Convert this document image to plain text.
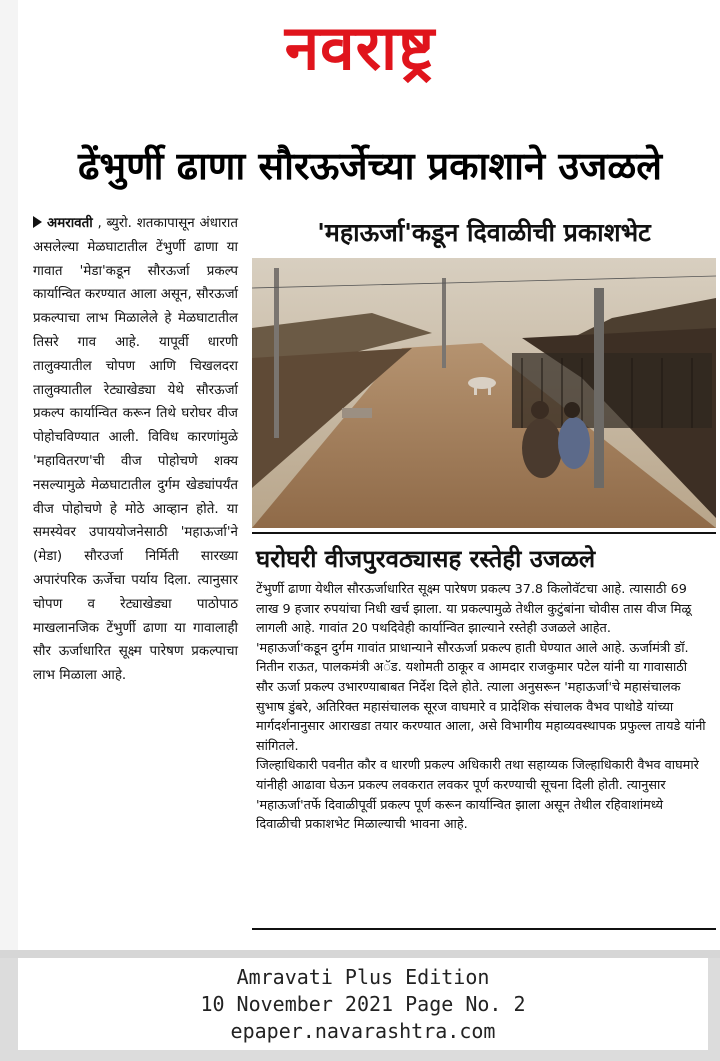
नवराष्ट्र
ढेंभुर्णी ढाणा सौरऊर्जेच्या प्रकाशाने उजळले
अमरावती , ब्युरो. शतकापासून अंधारात असलेल्या मेळघाटातील टेंभुर्णी ढाणा या गावात 'मेडा'कडून सौरऊर्जा प्रकल्प कार्यान्वित करण्यात आला असून, सौरऊर्जा प्रकल्पाचा लाभ मिळालेले हे मेळघाटातील तिसरे गाव आहे. यापूर्वी धारणी तालुक्यातील चोपण आणि चिखलदरा तालुक्यातील रेट्याखेड्या येथे सौरऊर्जा प्रकल्प कार्यान्वित करून तिथे घरोघर वीज पोहोचविण्यात आली. विविध कारणांमुळे 'महावितरण'ची वीज पोहोचणे शक्य नसल्यामुळे मेळघाटातील दुर्गम खेड्यांपर्यंत वीज पोहोचणे हे मोठे आव्हान होते. या समस्येवर उपाययोजनेसाठी 'महाऊर्जा'ने (मेडा) सौरउर्जा निर्मिती सारख्या अपारंपरिक ऊर्जेचा पर्याय दिला. त्यानुसार चोपण व रेट्याखेड्या पाठोपाठ माखलानजिक टेंभुर्णी ढाणा या गावालाही सौर ऊर्जाधारित सूक्ष्म पारेषण प्रकल्पाचा लाभ मिळाला आहे.
'महाऊर्जा'कडून दिवाळीची प्रकाशभेट
घरोघरी वीजपुरवठ्यासह रस्तेही उजळले

टेंभुर्णी ढाणा येथील सौरऊर्जाधारित सूक्ष्म पारेषण प्रकल्प 37.8 किलोवॅटचा आहे. त्यासाठी 69 लाख 9 हजार रुपयांचा निधी खर्च झाला. या प्रकल्पामुळे तेथील कुटुंबांना चोवीस तास वीज मिळू लागली आहे. गावांत 20 पथदिवेही कार्यान्वित झाल्याने रस्तेही उजळले आहेत.

'महाऊर्जा'कडून दुर्गम गावांत प्राधान्याने सौरऊर्जा प्रकल्प हाती घेण्यात आले आहे. ऊर्जामंत्री डॉ. नितीन राऊत, पालकमंत्री अॅड. यशोमती ठाकूर व आमदार राजकुमार पटेल यांनी या गावासाठी सौर ऊर्जा प्रकल्प उभारण्याबाबत निर्देश दिले होते. त्याला अनुसरून 'महाऊर्जा'चे महासंचालक सुभाष डुंबरे, अतिरिक्त महासंचालक सूरज वाघमारे व प्रादेशिक संचालक वैभव पाथोडे यांच्या मार्गदर्शनानुसार आराखडा तयार करण्यात आला, असे विभागीय महाव्यवस्थापक प्रफुल्ल तायडे यांनी सांगितले.

जिल्हाधिकारी पवनीत कौर व धारणी प्रकल्प अधिकारी तथा सहाय्यक जिल्हाधिकारी वैभव वाघमारे यांनीही आढावा घेऊन प्रकल्प लवकरात लवकर पूर्ण करण्याची सूचना दिली होती. त्यानुसार 'महाऊर्जा'तर्फे दिवाळीपूर्वी प्रकल्प पूर्ण करून कार्यान्वित झाला असून तेथील रहिवाशांमध्ये दिवाळीची प्रकाशभेट मिळाल्याची भावना आहे.

Amravati Plus Edition
10 November 2021 Page No. 2
epaper.navarashtra.com
